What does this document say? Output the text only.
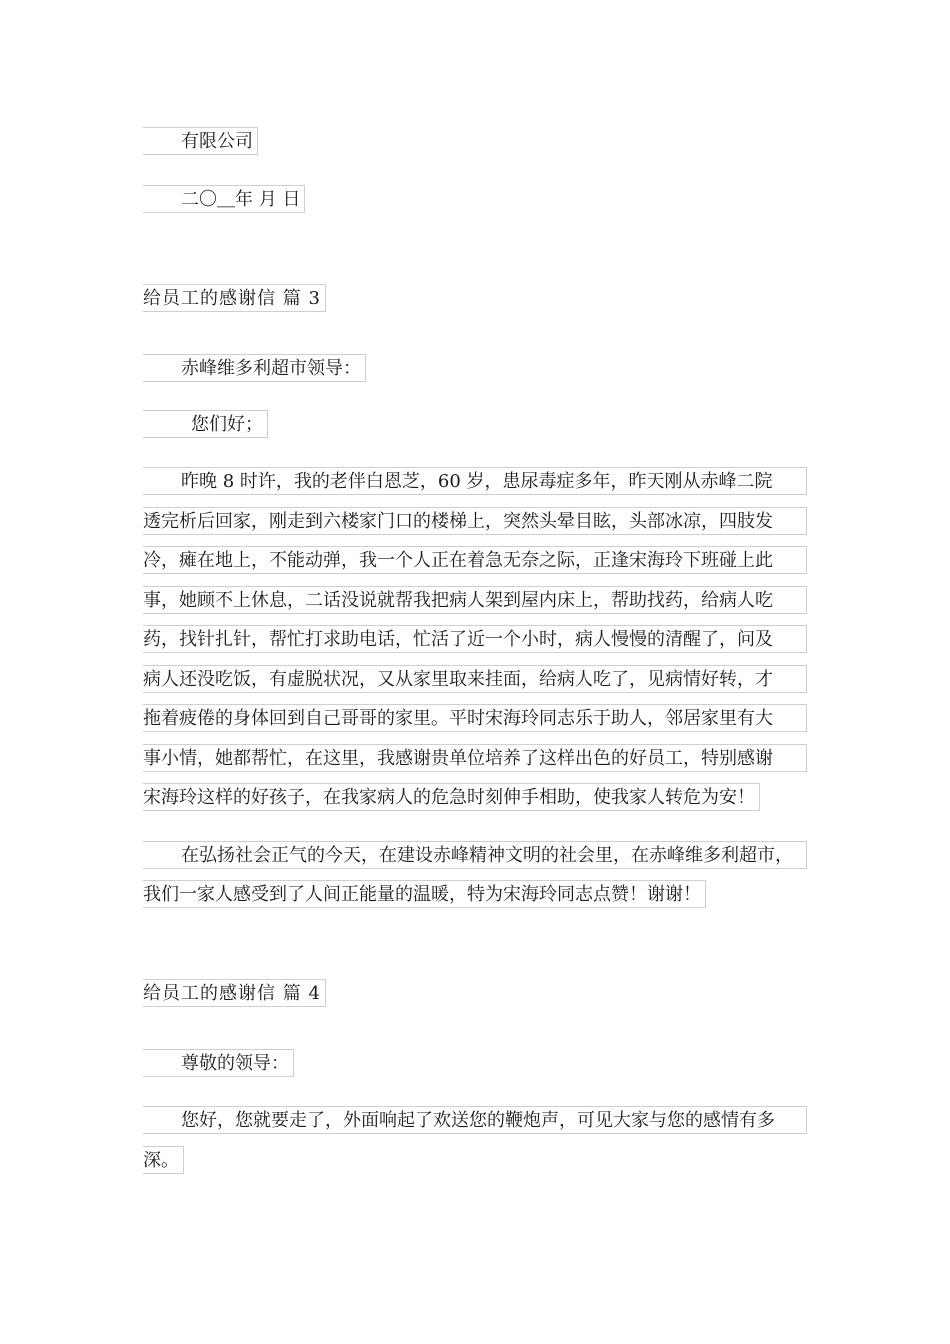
有限公司
二〇＿年 月 日
给员工的感谢信 篇 3
赤峰维多利超市领导：
您们好；
昨晚 8 时许，我的老伴白恩芝，60 岁，患尿毒症多年，昨天刚从赤峰二院
透完析后回家，刚走到六楼家门口的楼梯上，突然头晕目眩，头部冰凉，四肢发
冷，瘫在地上，不能动弹，我一个人正在着急无奈之际，正逢宋海玲下班碰上此
事，她顾不上休息，二话没说就帮我把病人架到屋内床上，帮助找药，给病人吃
药，找针扎针，帮忙打求助电话，忙活了近一个小时，病人慢慢的清醒了，问及
病人还没吃饭，有虚脱状况，又从家里取来挂面，给病人吃了，见病情好转，才
拖着疲倦的身体回到自己哥哥的家里。平时宋海玲同志乐于助人，邻居家里有大
事小情，她都帮忙，在这里，我感谢贵单位培养了这样出色的好员工，特别感谢
宋海玲这样的好孩子，在我家病人的危急时刻伸手相助，使我家人转危为安！
在弘扬社会正气的今天，在建设赤峰精神文明的社会里，在赤峰维多利超市，
我们一家人感受到了人间正能量的温暖，特为宋海玲同志点赞！谢谢！
给员工的感谢信 篇 4
尊敬的领导：
您好，您就要走了，外面响起了欢送您的鞭炮声，可见大家与您的感情有多
深。
